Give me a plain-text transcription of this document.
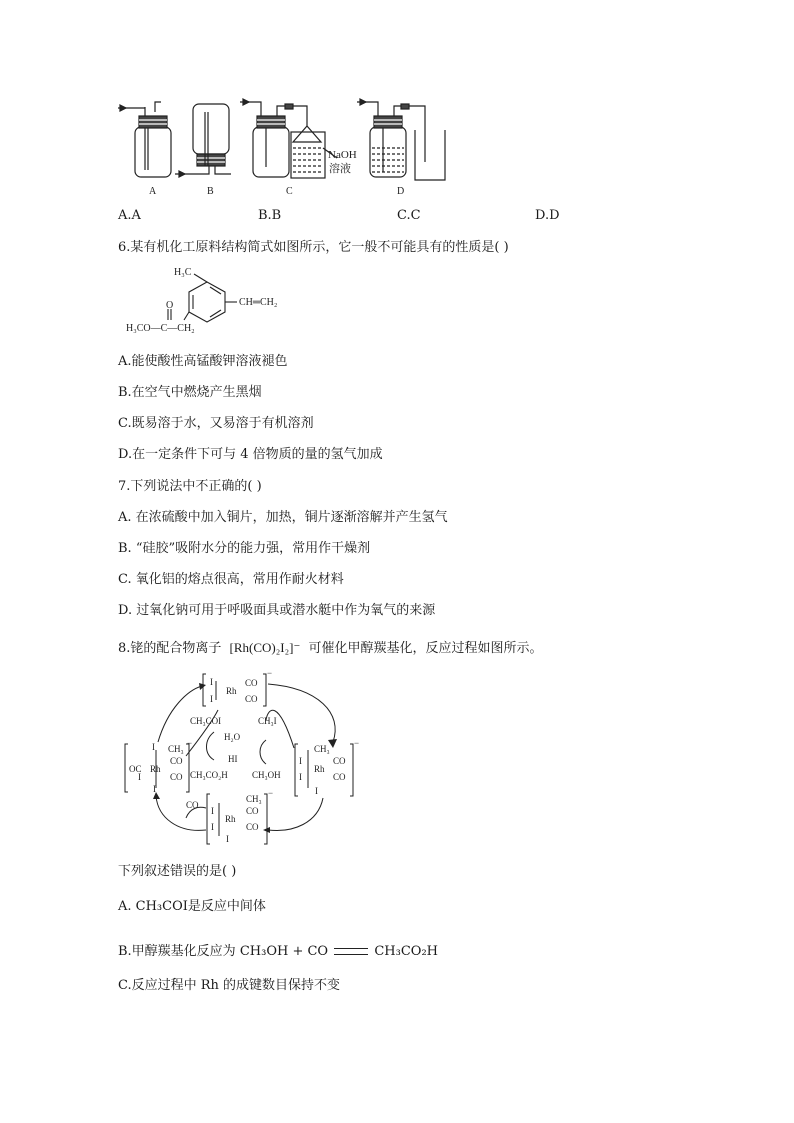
NaOH
溶液
A	B	C	D
A.A	B.B	C.C	D.D
6.某有机化工原料结构简式如图所示，它一般不可能具有的性质是( )
H₃C
CH═CH₂
O
H₃CO—C—CH₂
A.能使酸性高锰酸钾溶液褪色
B.在空气中燃烧产生黑烟
C.既易溶于水，又易溶于有机溶剂
D.在一定条件下可与 4 倍物质的量的氢气加成
7.下列说法中不正确的( )
A. 在浓硫酸中加入铜片，加热，铜片逐渐溶解并产生氢气
B. “硅胶”吸附水分的能力强，常用作干燥剂
C. 氧化铝的熔点很高，常用作耐火材料
D. 过氧化钠可用于呼吸面具或潜水艇中作为氧气的来源
8.铑的配合物离子 [Rh(CO)₂I₂]⁻ 可催化甲醇羰基化，反应过程如图所示。
I
Rh
CO
I	CO
−
CH₃
I
Rh
CO
I	CO
I
−
CH₃
I	CO
Rh
I	CO
I
−
I CH₃
OC Rh
CO
I	CO
I
−
CH₃COI	CH₃I
H₂O
HI
CH₃CO₂H	CH₃OH
CO
下列叙述错误的是( )
A. CH₃COI是反应中间体
B.甲醇羰基化反应为 CH₃OH + CO	CH₃CO₂H
C.反应过程中 Rh 的成键数目保持不变
